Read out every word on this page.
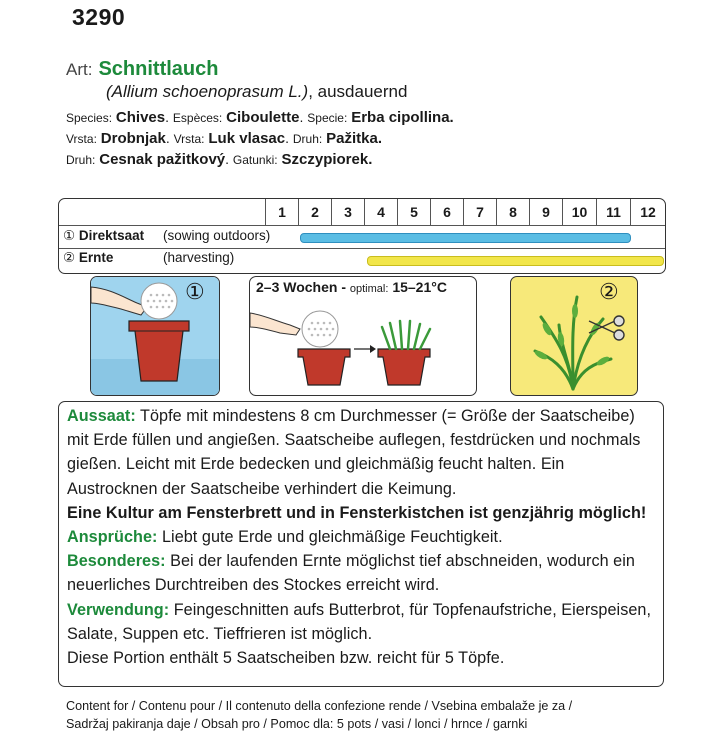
3290
Art: Schnittlauch
(Allium schoenoprasum L.), ausdauernd
Species: Chives. Espèces: Ciboulette. Specie: Erba cipollina.
Vrsta: Drobnjak. Vrsta: Luk vlasac. Druh: Pažitka.
Druh: Cesnak pažitkový. Gatunki: Szczypiorek.
1	2	3	4	5	6	7	8	9	10	11	12
① Direktsaat (sowing outdoors)
② Ernte	(harvesting)
①	2–3 Wochen - optimal: 15–21°C	②

Aussaat: Töpfe mit mindestens 8 cm Durchmesser (= Größe der Saatscheibe) mit Erde füllen und angießen. Saatscheibe auflegen, festdrücken und nochmals gießen. Leicht mit Erde bedecken und gleichmäßig feucht halten. Ein Austrocknen der Saatscheibe verhindert die Keimung.

Eine Kultur am Fensterbrett und in Fensterkistchen ist genzjährig möglich!

Ansprüche: Liebt gute Erde und gleichmäßige Feuchtigkeit.

Besonderes: Bei der laufenden Ernte möglichst tief abschneiden, wodurch ein neuerliches Durchtreiben des Stockes erreicht wird.

Verwendung: Feingeschnitten aufs Butterbrot, für Topfenaufstriche, Eierspeisen, Salate, Suppen etc. Tieffrieren ist möglich.

Diese Portion enthält 5 Saatscheiben bzw. reicht für 5 Töpfe.

Content for / Contenu pour / Il contenuto della confezione rende / Vsebina embalaže je za /
Sadržaj pakiranja daje / Obsah pro / Pomoc dla: 5 pots / vasi / lonci / hrnce / garnki
